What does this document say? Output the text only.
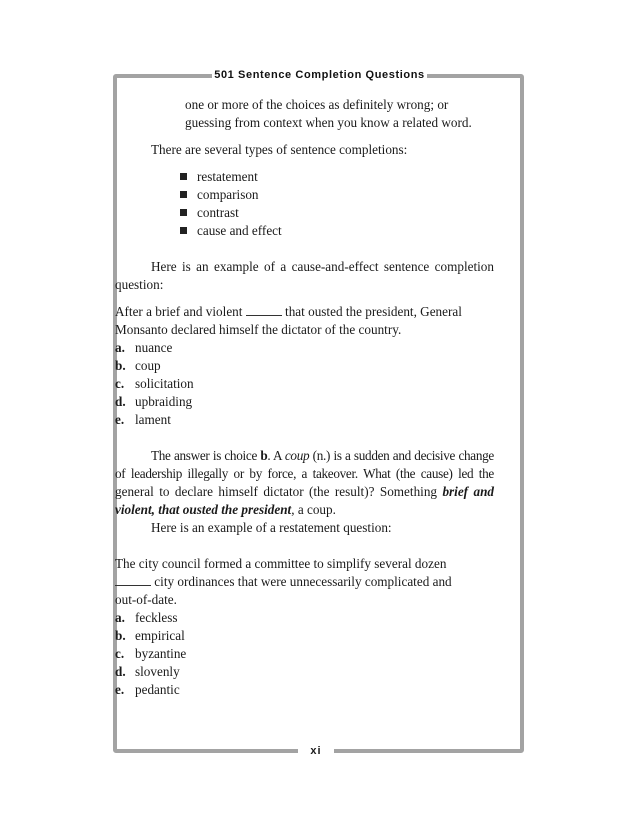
501 Sentence Completion Questions
xi
one or more of the choices as definitely wrong; or
guessing from context when you know a related word.
There are several types of sentence completions:
restatement
comparison
contrast
cause and effect
Here is an example of a cause-and-effect sentence completion
question:
After a brief and violent	that ousted the president, General
Monsanto declared himself the dictator of the country.
a. nuance
b. coup
c. solicitation
d. upbraiding
e. lament
The answer is choice b. A coup (n.) is a sudden and decisive change
of leadership illegally or by force, a takeover. What (the cause) led the
general to declare himself dictator (the result)? Something brief and
violent, that ousted the president, a coup.
Here is an example of a restatement question:
The city council formed a committee to simplify several dozen
city ordinances that were unnecessarily complicated and
out-of-date.
a. feckless
b. empirical
c. byzantine
d. slovenly
e. pedantic
